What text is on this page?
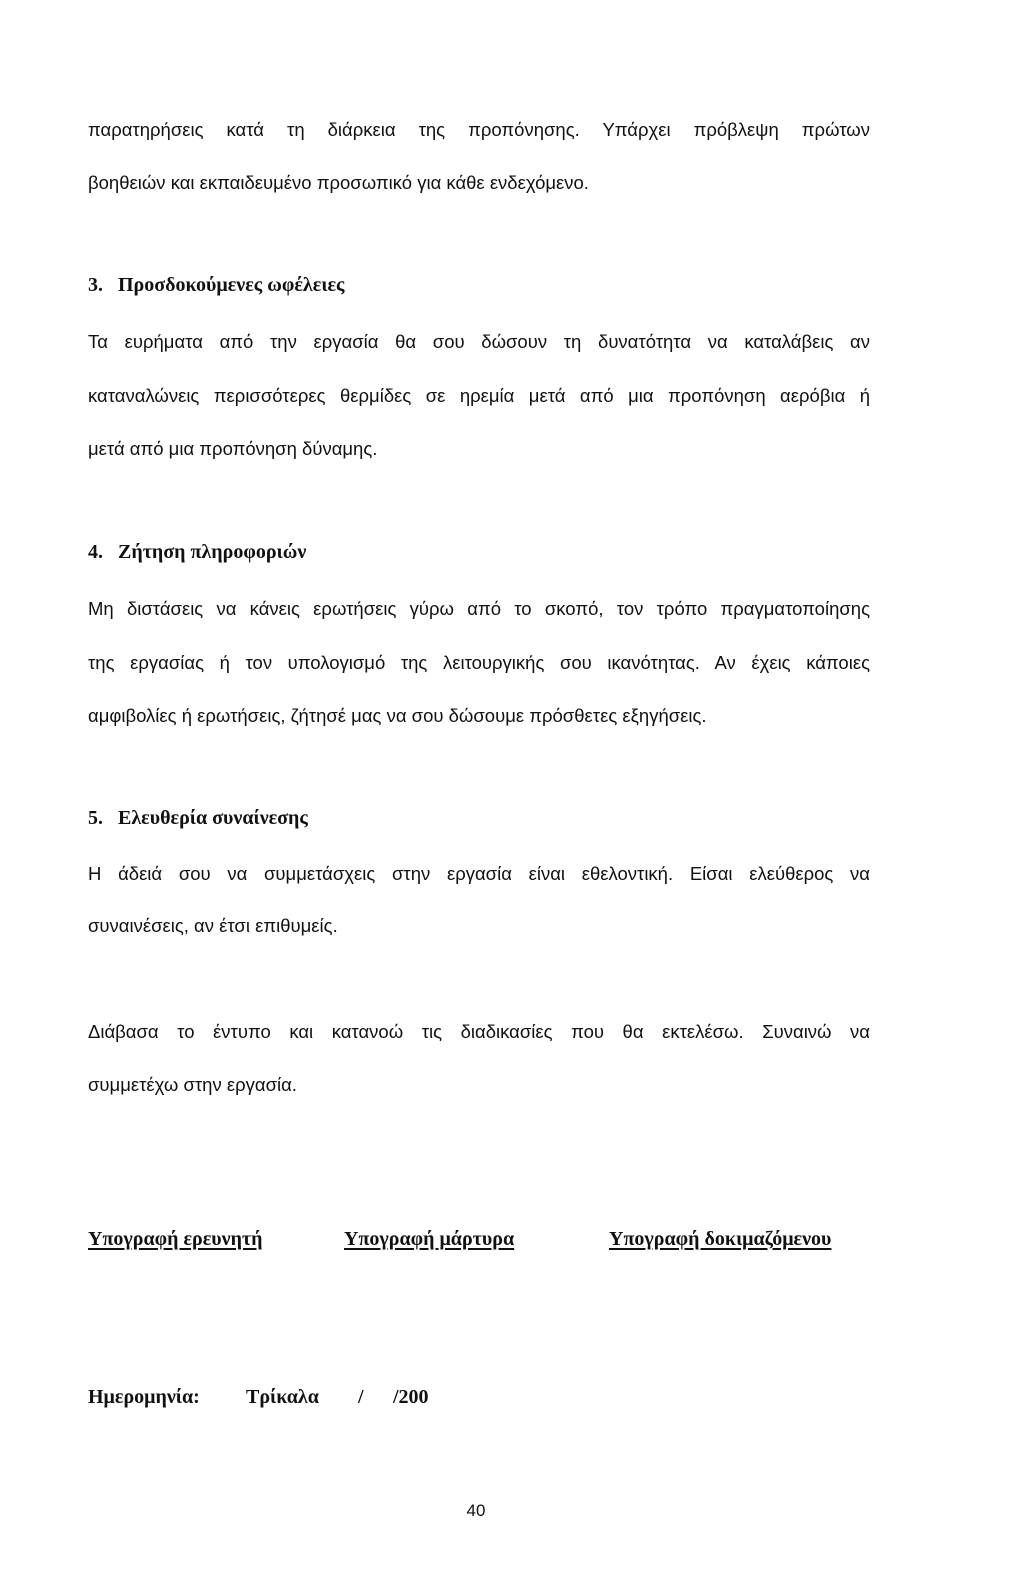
παρατηρήσεις κατά τη διάρκεια της προπόνησης. Υπάρχει πρόβλεψη πρώτων
βοηθειών και εκπαιδευμένο προσωπικό για κάθε ενδεχόμενο.
3. Προσδοκούμενες ωφέλειες
Τα ευρήματα από την εργασία θα σου δώσουν τη δυνατότητα να καταλάβεις αν
καταναλώνεις περισσότερες θερμίδες σε ηρεμία μετά από μια προπόνηση αερόβια ή
μετά από μια προπόνηση δύναμης.
4. Ζήτηση πληροφοριών
Μη διστάσεις να κάνεις ερωτήσεις γύρω από το σκοπό, τον τρόπο πραγματοποίησης
της εργασίας ή τον υπολογισμό της λειτουργικής σου ικανότητας. Αν έχεις κάποιες
αμφιβολίες ή ερωτήσεις, ζήτησέ μας να σου δώσουμε πρόσθετες εξηγήσεις.
5. Ελευθερία συναίνεσης
Η άδειά σου να συμμετάσχεις στην εργασία είναι εθελοντική. Είσαι ελεύθερος να
συναινέσεις, αν έτσι επιθυμείς.
Διάβασα το έντυπο και κατανοώ τις διαδικασίες που θα εκτελέσω. Συναινώ να
συμμετέχω στην εργασία.
Υπογραφή ερευνητή	Υπογραφή μάρτυρα	Υπογραφή δοκιμαζόμενου
Ημερομηνία: Τρίκαλα / /200
40
